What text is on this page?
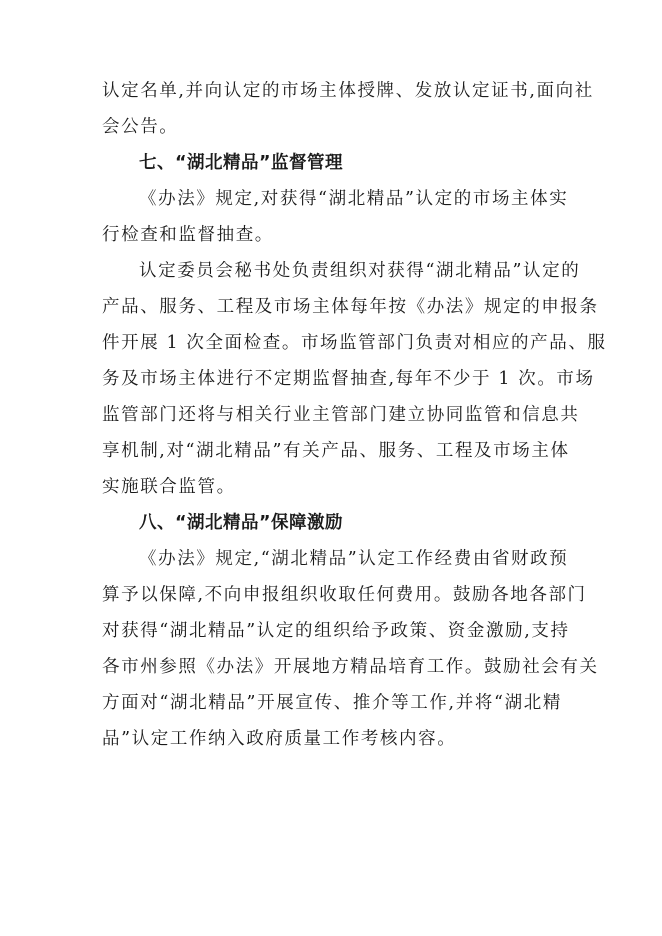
认定名单,并向认定的市场主体授牌、发放认定证书,面向社
会公告。
七、“湖北精品”监督管理
《办法》规定,对获得“湖北精品”认定的市场主体实
行检查和监督抽查。
认定委员会秘书处负责组织对获得“湖北精品”认定的
产品、服务、工程及市场主体每年按《办法》规定的申报条
件开展 1 次全面检查。市场监管部门负责对相应的产品、服
务及市场主体进行不定期监督抽查,每年不少于 1 次。市场
监管部门还将与相关行业主管部门建立协同监管和信息共
享机制,对“湖北精品”有关产品、服务、工程及市场主体
实施联合监管。
八、“湖北精品”保障激励
《办法》规定,“湖北精品”认定工作经费由省财政预
算予以保障,不向申报组织收取任何费用。鼓励各地各部门
对获得“湖北精品”认定的组织给予政策、资金激励,支持
各市州参照《办法》开展地方精品培育工作。鼓励社会有关
方面对“湖北精品”开展宣传、推介等工作,并将“湖北精
品”认定工作纳入政府质量工作考核内容。
